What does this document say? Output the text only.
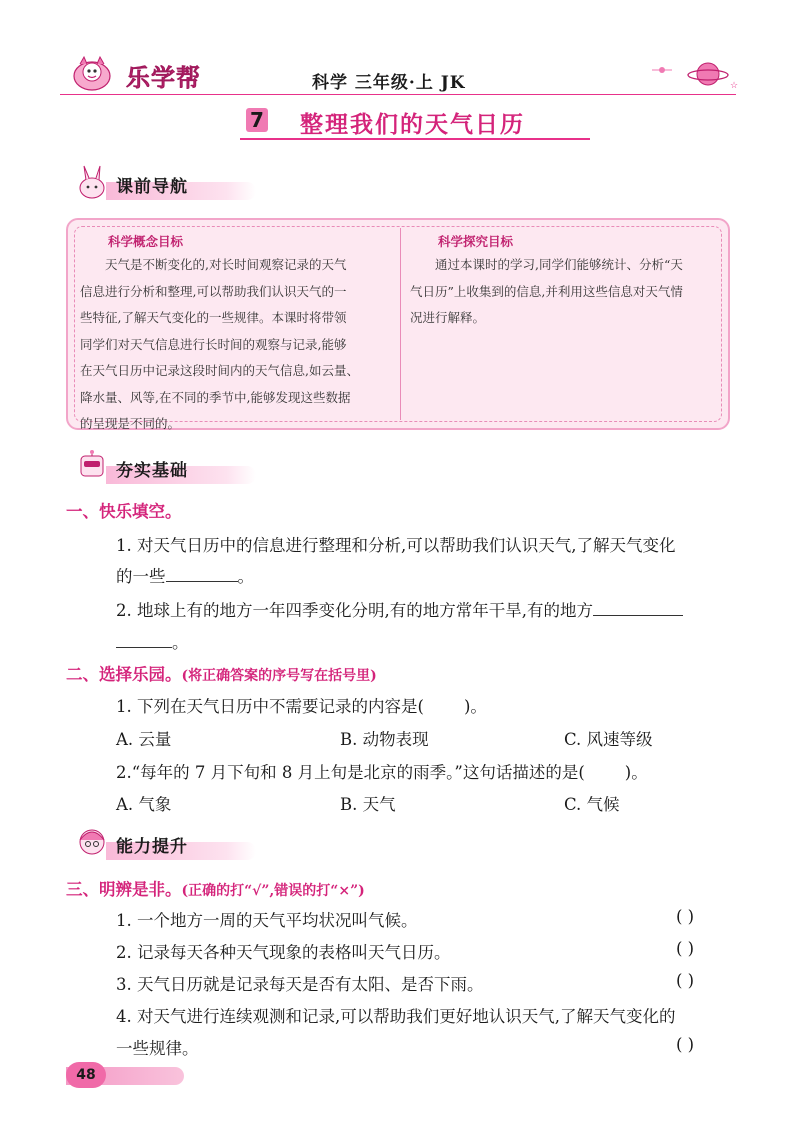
乐学帮	科学 三年级·上 JK	☆
7 整理我们的天气日历
课前导航
科学概念目标
天气是不断变化的,对长时间观察记录的天气
信息进行分析和整理,可以帮助我们认识天气的一
些特征,了解天气变化的一些规律。本课时将带领
同学们对天气信息进行长时间的观察与记录,能够
在天气日历中记录这段时间内的天气信息,如云量、
降水量、风等,在不同的季节中,能够发现这些数据
的呈现是不同的。
科学探究目标
通过本课时的学习,同学们能够统计、分析“天
气日历”上收集到的信息,并利用这些信息对天气情
况进行解释。
夯实基础
一、快乐填空。
1. 对天气日历中的信息进行整理和分析,可以帮助我们认识天气,了解天气变化
的一些	。
2. 地球上有的地方一年四季变化分明,有的地方常年干旱,有的地方
。
二、选择乐园。(将正确答案的序号写在括号里)
1. 下列在天气日历中不需要记录的内容是( )。
A. 云量	B. 动物表现	C. 风速等级
2.“每年的 7 月下旬和 8 月上旬是北京的雨季。”这句话描述的是( )。
A. 气象	B. 天气	C. 气候
能力提升
三、明辨是非。(正确的打“√”,错误的打“×”)
1. 一个地方一周的天气平均状况叫气候。	( )
2. 记录每天各种天气现象的表格叫天气日历。	( )
3. 天气日历就是记录每天是否有太阳、是否下雨。	( )
4. 对天气进行连续观测和记录,可以帮助我们更好地认识天气,了解天气变化的
一些规律。	( )
48
